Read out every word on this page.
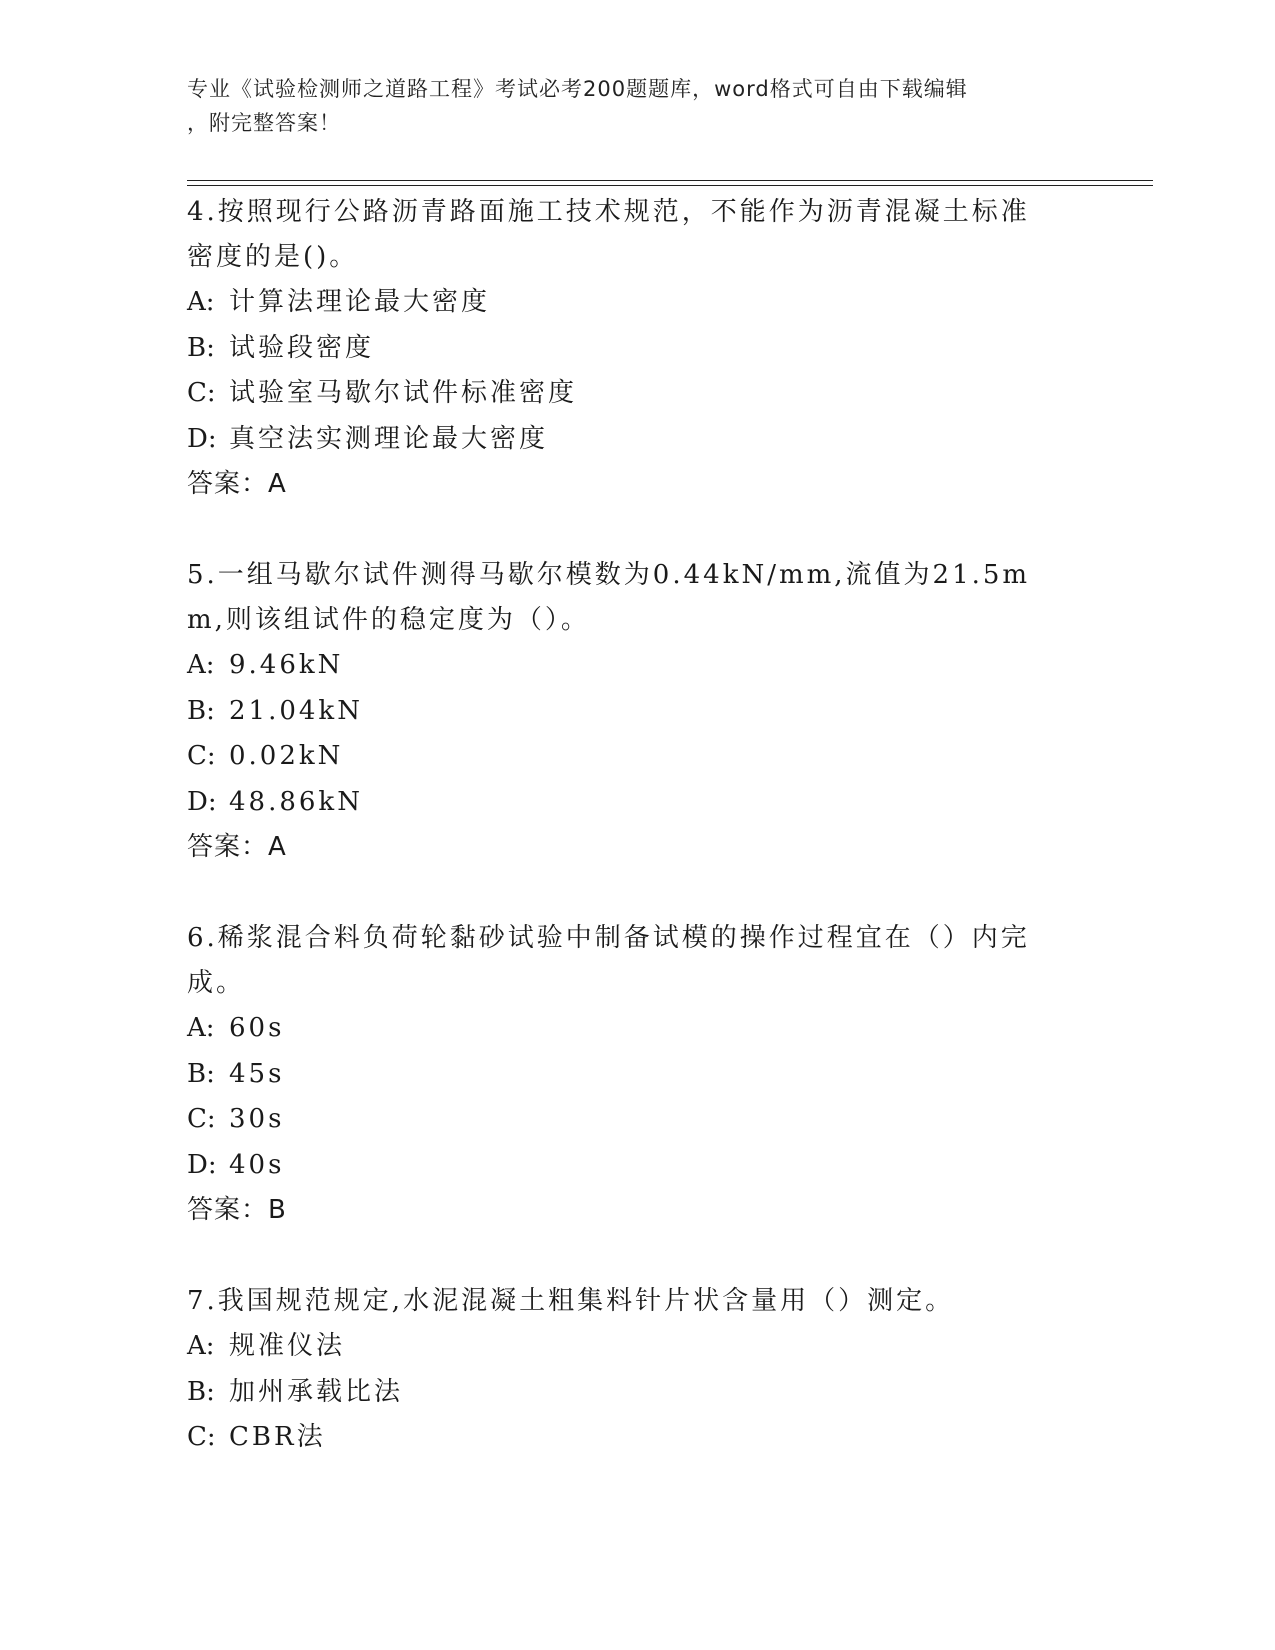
专业《试验检测师之道路工程》考试必考200题题库，word格式可自由下载编辑
，附完整答案！
4.按照现行公路沥青路面施工技术规范，不能作为沥青混凝土标准密度的是()。
A: 计算法理论最大密度
B: 试验段密度
C: 试验室马歇尔试件标准密度
D: 真空法实测理论最大密度
答案：A
5.一组马歇尔试件测得马歇尔模数为0.44kN/mm,流值为21.5mm,则该组试件的稳定度为（）。
A: 9.46kN
B: 21.04kN
C: 0.02kN
D: 48.86kN
答案：A
6.稀浆混合料负荷轮黏砂试验中制备试模的操作过程宜在（）内完成。
A: 60s
B: 45s
C: 30s
D: 40s
答案：B
7.我国规范规定,水泥混凝土粗集料针片状含量用（）测定。
A: 规准仪法
B: 加州承载比法
C: CBR法
